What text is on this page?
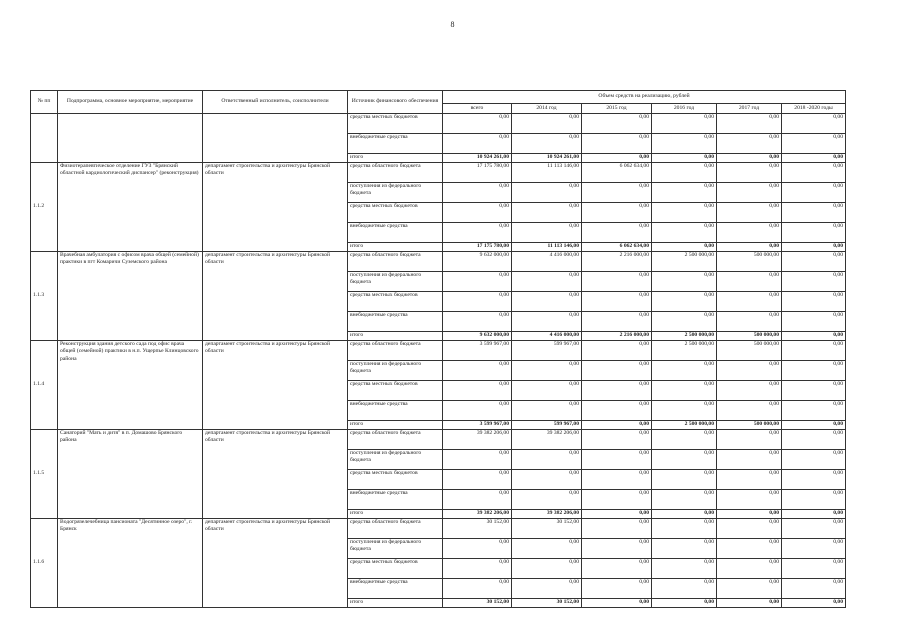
8
№ пп	Подпрограмма, основное мероприятие, мероприятие	Ответственный исполнитель, соисполнители	Источник финансового обеспечения	Объем средств на реализацию, рублей					
				всего	2014 год	2015 год	2016 год	2017 год	2018 -2020 годы
			средства местных бюджетов	0,00	0,00	0,00	0,00	0,00	0,00
			внебюджетные средства	0,00	0,00	0,00	0,00	0,00	0,00
			итого	10 924 261,00	10 924 261,00	0,00	0,00	0,00	0,00
1.1.2	Физиотерапевтическое отделение ГУЗ "Брянский областной кардиологический диспансер" (реконструкция)	департамент строительства и архитектуры Брянской области	средства областного бюджета	17 175 780,00	11 113 146,00	6 062 634,00	0,00	0,00	0,00
			поступления из федерального бюджета	0,00	0,00	0,00	0,00	0,00	0,00
			средства местных бюджетов	0,00	0,00	0,00	0,00	0,00	0,00
			внебюджетные средства	0,00	0,00	0,00	0,00	0,00	0,00
			итого	17 175 780,00	11 113 146,00	6 062 634,00	0,00	0,00	0,00
1.1.3	Врачебная амбулатория с офисом врача общей (семейной) практики в пгт Комаричи Суземского района	департамент строительства и архитектуры Брянской области	средства областного бюджета	9 632 000,00	4 416 000,00	2 216 000,00	2 500 000,00	500 000,00	0,00
			поступления из федерального бюджета	0,00	0,00	0,00	0,00	0,00	0,00
			средства местных бюджетов	0,00	0,00	0,00	0,00	0,00	0,00
			внебюджетные средства	0,00	0,00	0,00	0,00	0,00	0,00
			итого	9 632 000,00	4 416 000,00	2 216 000,00	2 500 000,00	500 000,00	0,00
1.1.4	Реконструкция здания детского сада под офис врача общей (семейной) практики в н.п. Ущерпье Клинцовского района	департамент строительства и архитектуры Брянской области	средства областного бюджета	3 599 967,00	599 967,00	0,00	2 500 000,00	500 000,00	0,00
			поступления из федерального бюджета	0,00	0,00	0,00	0,00	0,00	0,00
			средства местных бюджетов	0,00	0,00	0,00	0,00	0,00	0,00
			внебюджетные средства	0,00	0,00	0,00	0,00	0,00	0,00
			итого	3 599 967,00	599 967,00	0,00	2 500 000,00	500 000,00	0,00
1.1.5	Санаторий "Мать и дитя" в п. Домашово Брянского района	департамент строительства и архитектуры Брянской области	средства областного бюджета	39 382 206,00	39 382 206,00	0,00	0,00	0,00	0,00
			поступления из федерального бюджета	0,00	0,00	0,00	0,00	0,00	0,00
			средства местных бюджетов	0,00	0,00	0,00	0,00	0,00	0,00
			внебюджетные средства	0,00	0,00	0,00	0,00	0,00	0,00
			итого	39 382 206,00	39 382 206,00	0,00	0,00	0,00	0,00
1.1.6	Водогрязелечебница пансионата "Десятинное озеро", г. Брянск	департамент строительства и архитектуры Брянской области	средства областного бюджета	30 152,00	30 152,00	0,00	0,00	0,00	0,00
			поступления из федерального бюджета	0,00	0,00	0,00	0,00	0,00	0,00
			средства местных бюджетов	0,00	0,00	0,00	0,00	0,00	0,00
			внебюджетные средства	0,00	0,00	0,00	0,00	0,00	0,00
			итого	30 152,00	30 152,00	0,00	0,00	0,00	0,00
